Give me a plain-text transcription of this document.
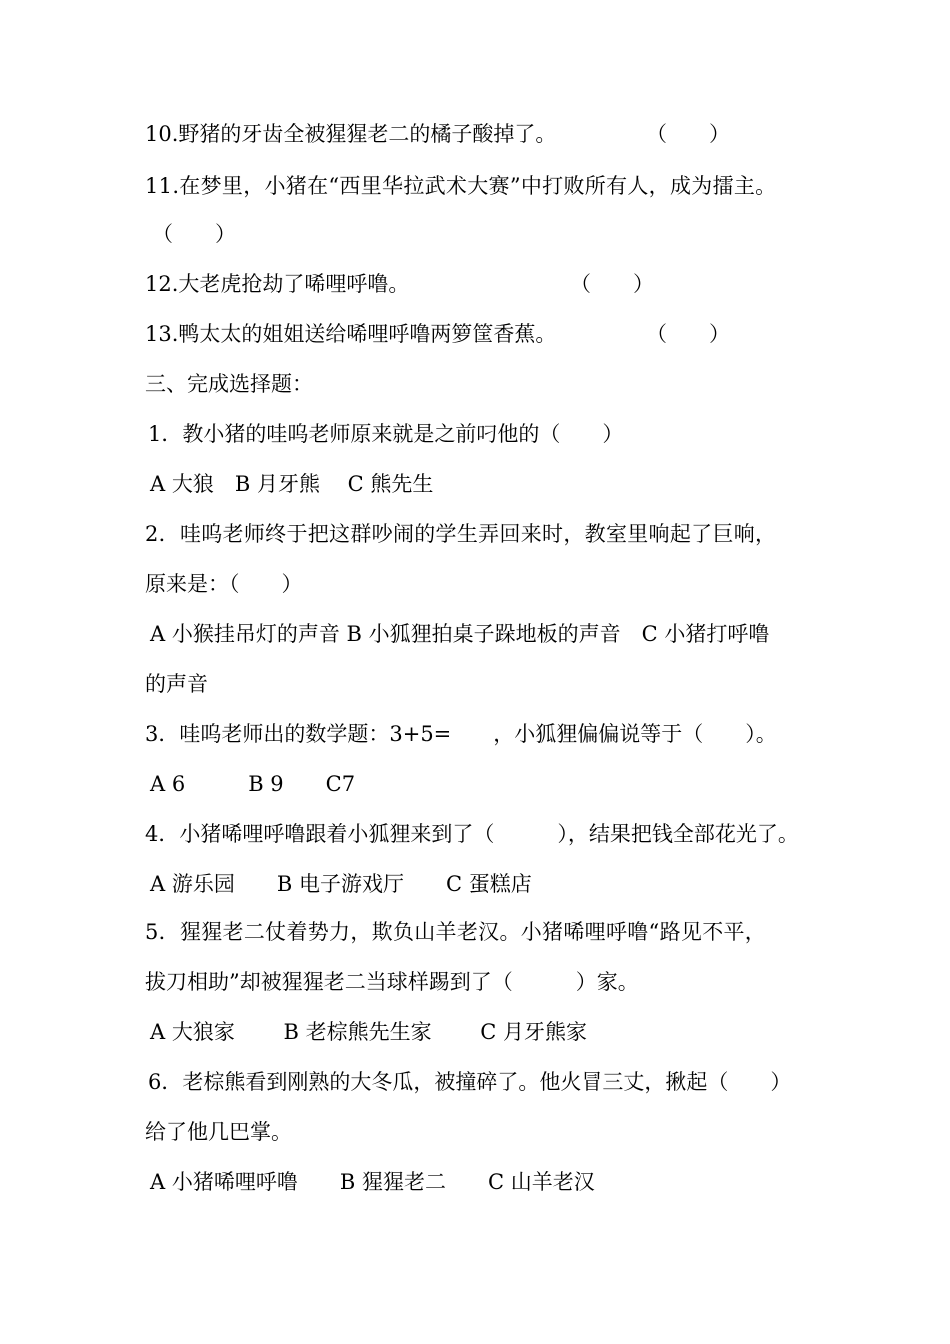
10.野猪的牙齿全被猩猩老二的橘子酸掉了。	（　　）
11.在梦里，小猪在“西里华拉武术大赛”中打败所有人，成为擂主。
（　　）
12.大老虎抢劫了唏哩呼噜。	（　　）
13.鸭太太的姐姐送给唏哩呼噜两箩筐香蕉。	（　　）
三、完成选择题：
1．教小猪的哇呜老师原来就是之前叼他的（　　）
A 大狼　B 月牙熊　 C 熊先生
2．哇呜老师终于把这群吵闹的学生弄回来时，教室里响起了巨响，
原来是：（　　）
A 小猴挂吊灯的声音 B 小狐狸拍桌子跺地板的声音　C 小猪打呼噜
的声音
3．哇呜老师出的数学题：3+5=　　，小狐狸偏偏说等于（　　）。
A 6　　　B 9　　C7
4．小猪唏哩呼噜跟着小狐狸来到了（　　　），结果把钱全部花光了。
A 游乐园　　B 电子游戏厅　　C 蛋糕店
5．猩猩老二仗着势力，欺负山羊老汉。小猪唏哩呼噜“路见不平，
拔刀相助”却被猩猩老二当球样踢到了（　　　）家。
A 大狼家　　 B 老棕熊先生家　　 C 月牙熊家
6．老棕熊看到刚熟的大冬瓜，被撞碎了。他火冒三丈，揪起（　　）
给了他几巴掌。
A 小猪唏哩呼噜　　B 猩猩老二　　C 山羊老汉
